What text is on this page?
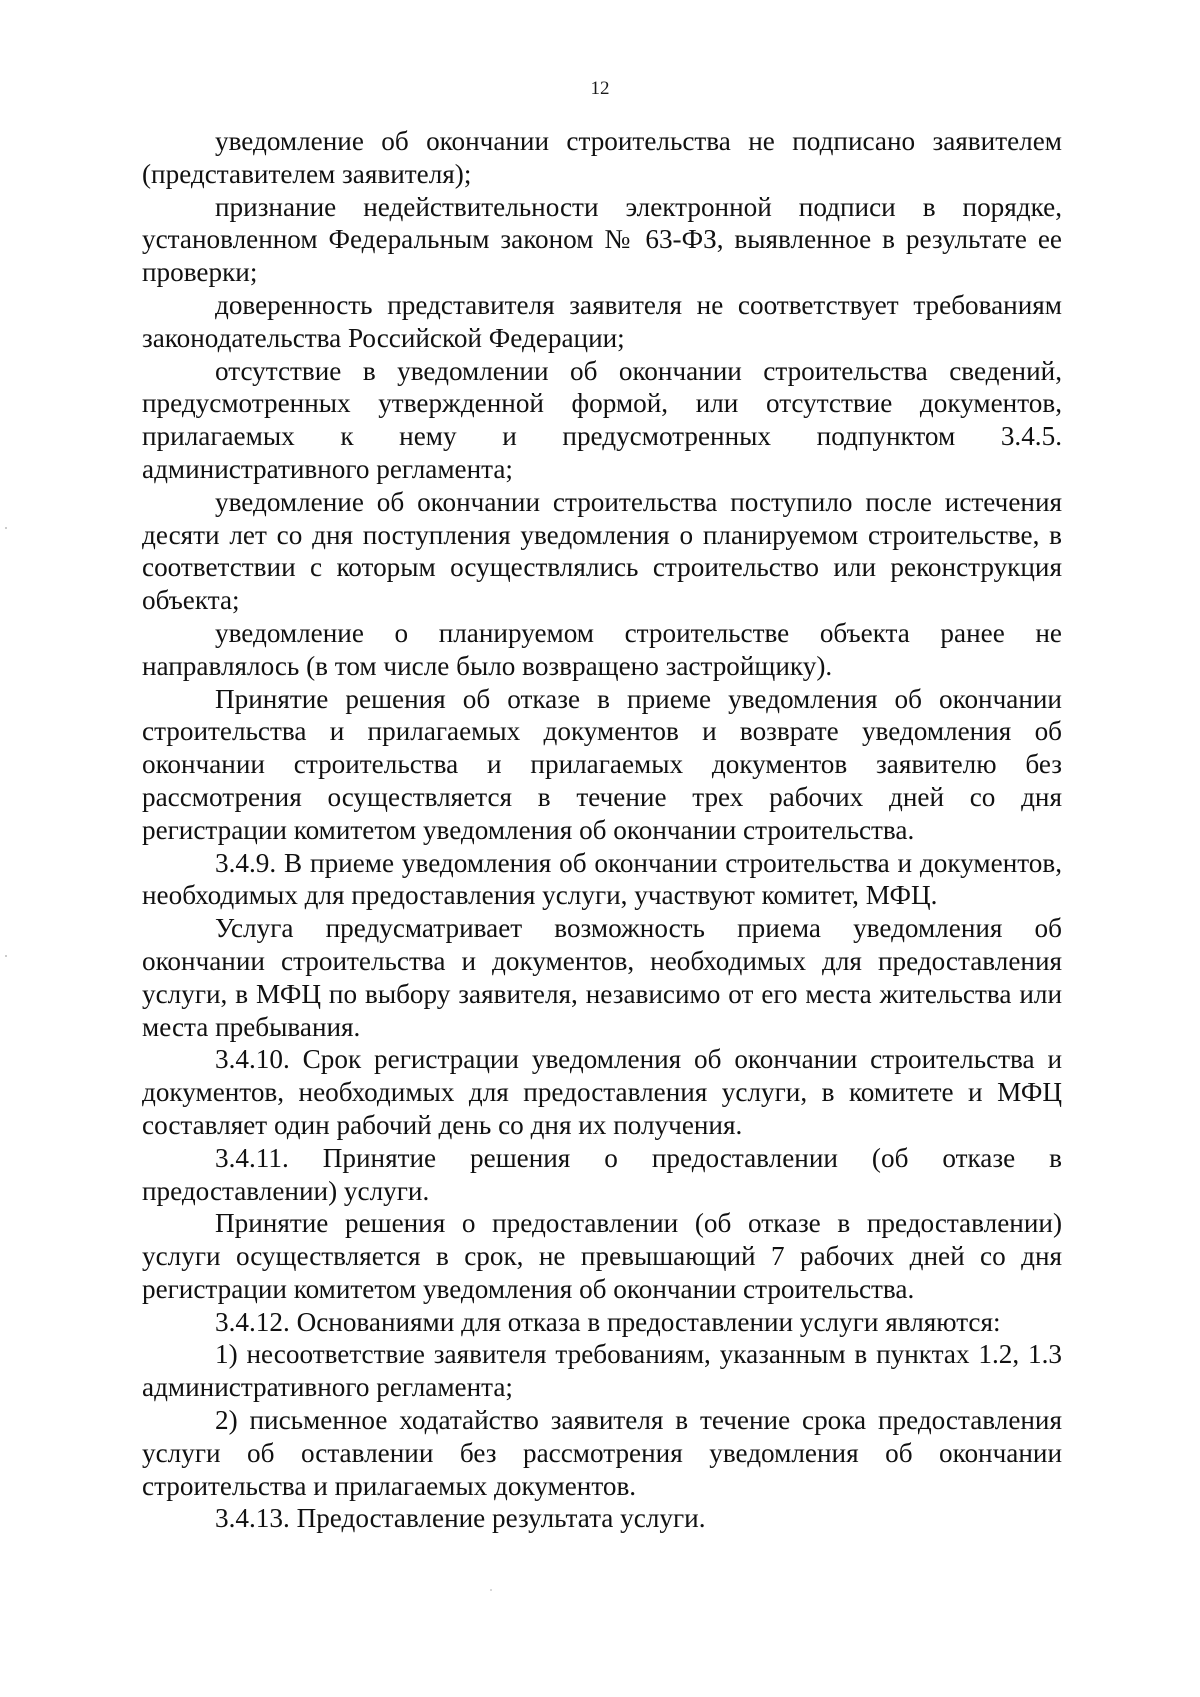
12

уведомление об окончании строительства не подписано заявителем (представителем заявителя);

признание недействительности электронной подписи в порядке, установленном Федеральным законом № 63-ФЗ, выявленное в результате ее проверки;

доверенность представителя заявителя не соответствует требованиям законодательства Российской Федерации;

отсутствие в уведомлении об окончании строительства сведений, предусмотренных утвержденной формой, или отсутствие документов, прилагаемых к нему и предусмотренных подпунктом 3.4.5. административного регламента;

уведомление об окончании строительства поступило после истечения десяти лет со дня поступления уведомления о планируемом строительстве, в соответствии с которым осуществлялись строительство или реконструкция объекта;

уведомление о планируемом строительстве объекта ранее не направлялось (в том числе было возвращено застройщику).

Принятие решения об отказе в приеме уведомления об окончании строительства и прилагаемых документов и возврате уведомления об окончании строительства и прилагаемых документов заявителю без рассмотрения осуществляется в течение трех рабочих дней со дня регистрации комитетом уведомления об окончании строительства.

3.4.9. В приеме уведомления об окончании строительства и документов, необходимых для предоставления услуги, участвуют комитет, МФЦ.

Услуга предусматривает возможность приема уведомления об окончании строительства и документов, необходимых для предоставления услуги, в МФЦ по выбору заявителя, независимо от его места жительства или места пребывания.

3.4.10. Срок регистрации уведомления об окончании строительства и документов, необходимых для предоставления услуги, в комитете и МФЦ составляет один рабочий день со дня их получения.

3.4.11. Принятие решения о предоставлении (об отказе в предоставлении) услуги.

Принятие решения о предоставлении (об отказе в предоставлении) услуги осуществляется в срок, не превышающий 7 рабочих дней со дня регистрации комитетом уведомления об окончании строительства.

3.4.12. Основаниями для отказа в предоставлении услуги являются:

1) несоответствие заявителя требованиям, указанным в пунктах 1.2, 1.3 административного регламента;

2) письменное ходатайство заявителя в течение срока предоставления услуги об оставлении без рассмотрения уведомления об окончании строительства и прилагаемых документов.

3.4.13. Предоставление результата услуги.
